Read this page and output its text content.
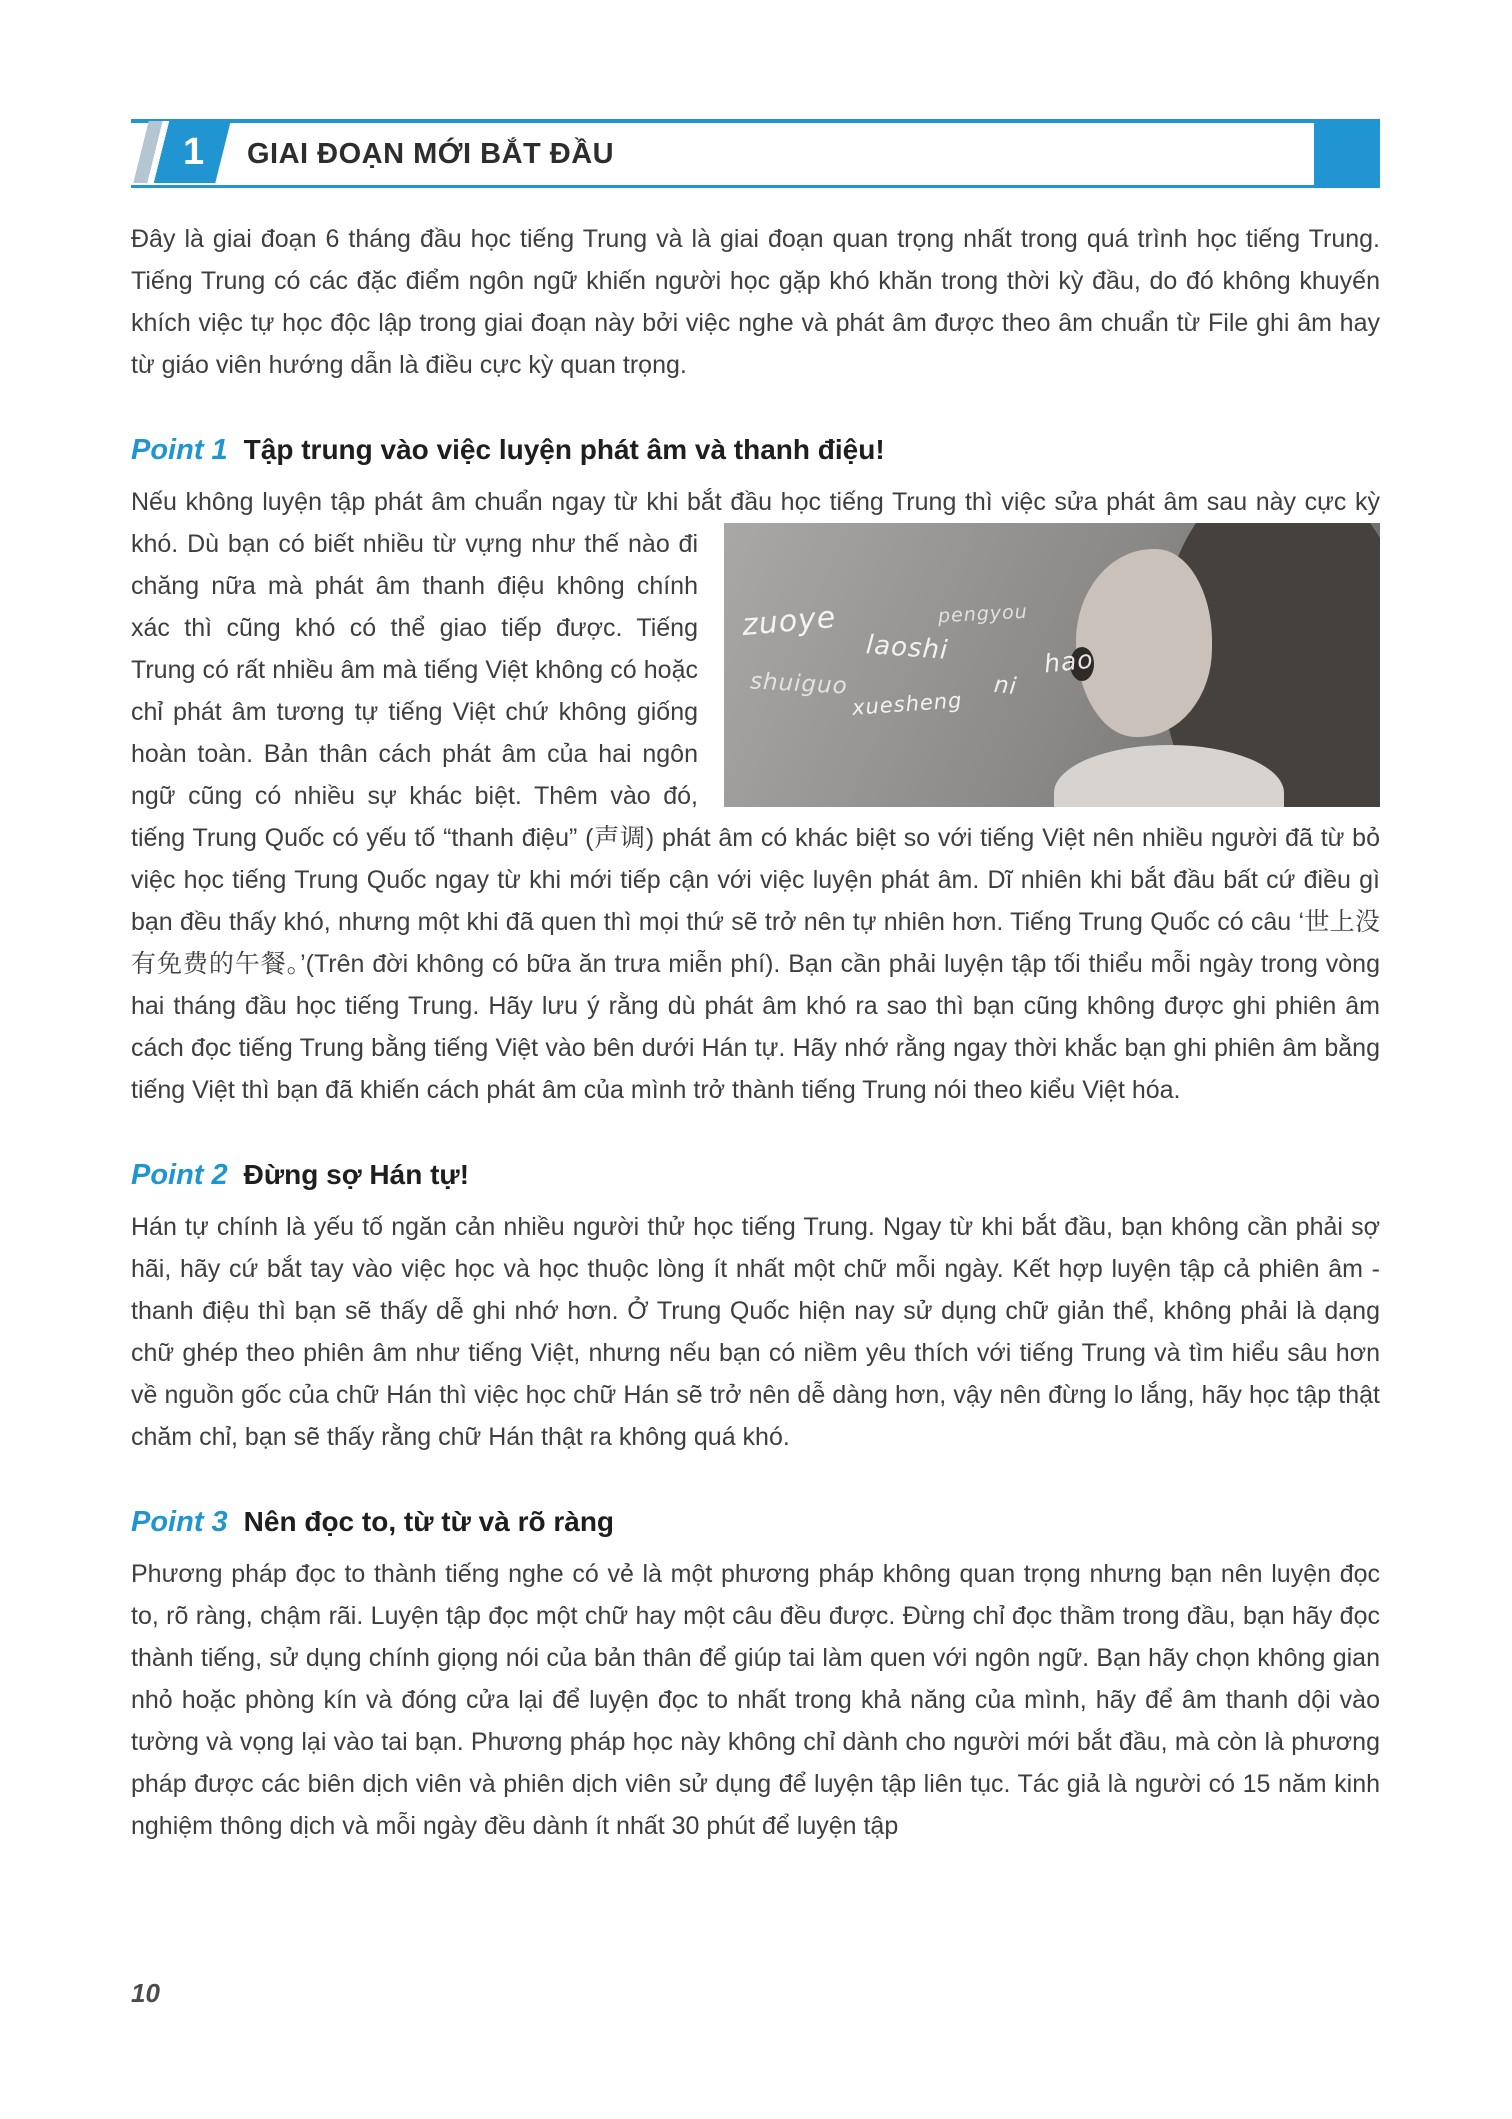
1 GIAI ĐOẠN MỚI BẮT ĐẦU

Đây là giai đoạn 6 tháng đầu học tiếng Trung và là giai đoạn quan trọng nhất trong quá trình học tiếng Trung. Tiếng Trung có các đặc điểm ngôn ngữ khiến người học gặp khó khăn trong thời kỳ đầu, do đó không khuyến khích việc tự học độc lập trong giai đoạn này bởi việc nghe và phát âm được theo âm chuẩn từ File ghi âm hay từ giáo viên hướng dẫn là điều cực kỳ quan trọng.

Point 1 Tập trung vào việc luyện phát âm và thanh điệu!

zuoye
laoshi
pengyou
shuiguo
xuesheng
ni
hao
Nếu không luyện tập phát âm chuẩn ngay từ khi bắt đầu học tiếng Trung thì việc sửa phát âm sau này cực kỳ khó. Dù bạn có biết nhiều từ vựng như thế nào đi chăng nữa mà phát âm thanh điệu không chính xác thì cũng khó có thể giao tiếp được. Tiếng Trung có rất nhiều âm mà tiếng Việt không có hoặc chỉ phát âm tương tự tiếng Việt chứ không giống hoàn toàn. Bản thân cách phát âm của hai ngôn ngữ cũng có nhiều sự khác biệt. Thêm vào đó, tiếng Trung Quốc có yếu tố “thanh điệu” (声调) phát âm có khác biệt so với tiếng Việt nên nhiều người đã từ bỏ việc học tiếng Trung Quốc ngay từ khi mới tiếp cận với việc luyện phát âm. Dĩ nhiên khi bắt đầu bất cứ điều gì bạn đều thấy khó, nhưng một khi đã quen thì mọi thứ sẽ trở nên tự nhiên hơn. Tiếng Trung Quốc có câu ‘世上没有免费的午餐。’(Trên đời không có bữa ăn trưa miễn phí). Bạn cần phải luyện tập tối thiểu mỗi ngày trong vòng hai tháng đầu học tiếng Trung. Hãy lưu ý rằng dù phát âm khó ra sao thì bạn cũng không được ghi phiên âm cách đọc tiếng Trung bằng tiếng Việt vào bên dưới Hán tự. Hãy nhớ rằng ngay thời khắc bạn ghi phiên âm bằng tiếng Việt thì bạn đã khiến cách phát âm của mình trở thành tiếng Trung nói theo kiểu Việt hóa.

Point 2 Đừng sợ Hán tự!

Hán tự chính là yếu tố ngăn cản nhiều người thử học tiếng Trung. Ngay từ khi bắt đầu, bạn không cần phải sợ hãi, hãy cứ bắt tay vào việc học và học thuộc lòng ít nhất một chữ mỗi ngày. Kết hợp luyện tập cả phiên âm - thanh điệu thì bạn sẽ thấy dễ ghi nhớ hơn. Ở Trung Quốc hiện nay sử dụng chữ giản thể, không phải là dạng chữ ghép theo phiên âm như tiếng Việt, nhưng nếu bạn có niềm yêu thích với tiếng Trung và tìm hiểu sâu hơn về nguồn gốc của chữ Hán thì việc học chữ Hán sẽ trở nên dễ dàng hơn, vậy nên đừng lo lắng, hãy học tập thật chăm chỉ, bạn sẽ thấy rằng chữ Hán thật ra không quá khó.

Point 3 Nên đọc to, từ từ và rõ ràng

Phương pháp đọc to thành tiếng nghe có vẻ là một phương pháp không quan trọng nhưng bạn nên luyện đọc to, rõ ràng, chậm rãi. Luyện tập đọc một chữ hay một câu đều được. Đừng chỉ đọc thầm trong đầu, bạn hãy đọc thành tiếng, sử dụng chính giọng nói của bản thân để giúp tai làm quen với ngôn ngữ. Bạn hãy chọn không gian nhỏ hoặc phòng kín và đóng cửa lại để luyện đọc to nhất trong khả năng của mình, hãy để âm thanh dội vào tường và vọng lại vào tai bạn. Phương pháp học này không chỉ dành cho người mới bắt đầu, mà còn là phương pháp được các biên dịch viên và phiên dịch viên sử dụng để luyện tập liên tục. Tác giả là người có 15 năm kinh nghiệm thông dịch và mỗi ngày đều dành ít nhất 30 phút để luyện tập

10
